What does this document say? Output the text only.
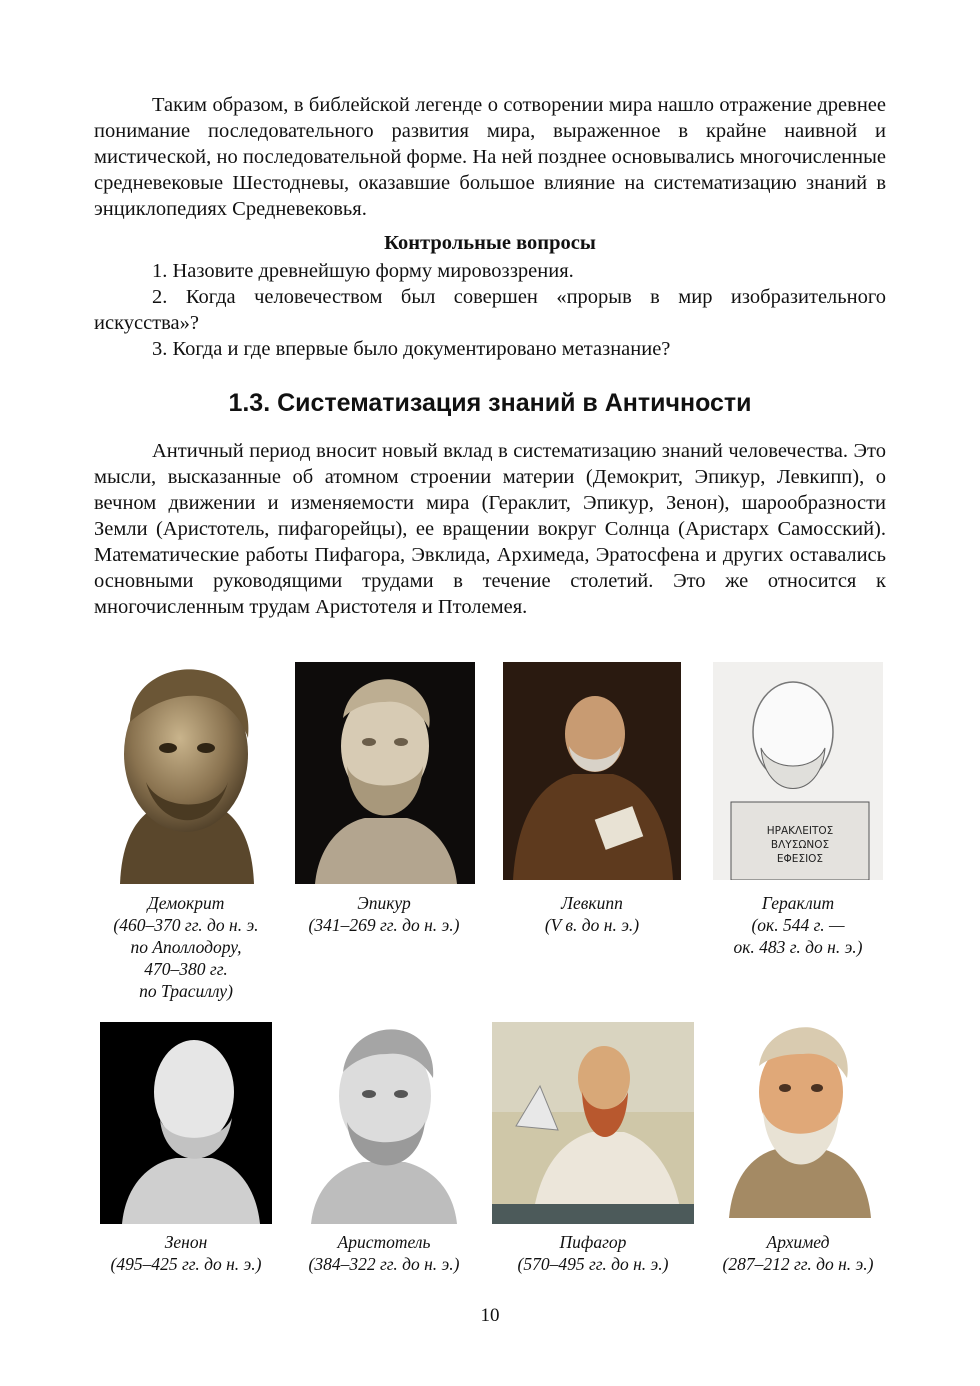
Таким образом, в библейской легенде о сотворении мира нашло отражение древнее понимание последовательного развития мира, выраженное в крайне наивной и мистической, но последовательной форме. На ней позднее основывались многочисленные средневековые Шестодневы, оказавшие большое влияние на систематизацию знаний в энциклопедиях Средневековья.

Контрольные вопросы

1. Назовите древнейшую форму мировоззрения.

2. Когда человечеством был совершен «прорыв в мир изобразительного искусства»?

3. Когда и где впервые было документировано метазнание?

1.3. Систематизация знаний в Античности

Античный период вносит новый вклад в систематизацию знаний человечества. Это мысли, высказанные об атомном строении материи (Демокрит, Эпикур, Левкипп), о вечном движении и изменяемости мира (Гераклит, Эпикур, Зенон), шарообразности Земли (Аристотель, пифагорейцы), ее вращении вокруг Солнца (Аристарх Самосский). Математические работы Пифагора, Эвклида, Архимеда, Эратосфена и других оставались основными руководящими трудами в течение столетий. Это же относится к многочисленным трудам Аристотеля и Птолемея.

ΗΡΑΚΛΕΙΤΟΣ
ΒΛΥΣΩΝΟΣ
ΕΦΕΣΙΟΣ
Демокрит
(460–370 гг. до н. э.
по Аполлодору,
470–380 гг.
по Трасиллу)
Эпикур
(341–269 гг. до н. э.)
Левкипп
(V в. до н. э.)
Гераклит
(ок. 544 г. —
ок. 483 г. до н. э.)
Зенон
(495–425 гг. до н. э.)
Аристотель
(384–322 гг. до н. э.)
Пифагор
(570–495 гг. до н. э.)
Архимед
(287–212 гг. до н. э.)
10
